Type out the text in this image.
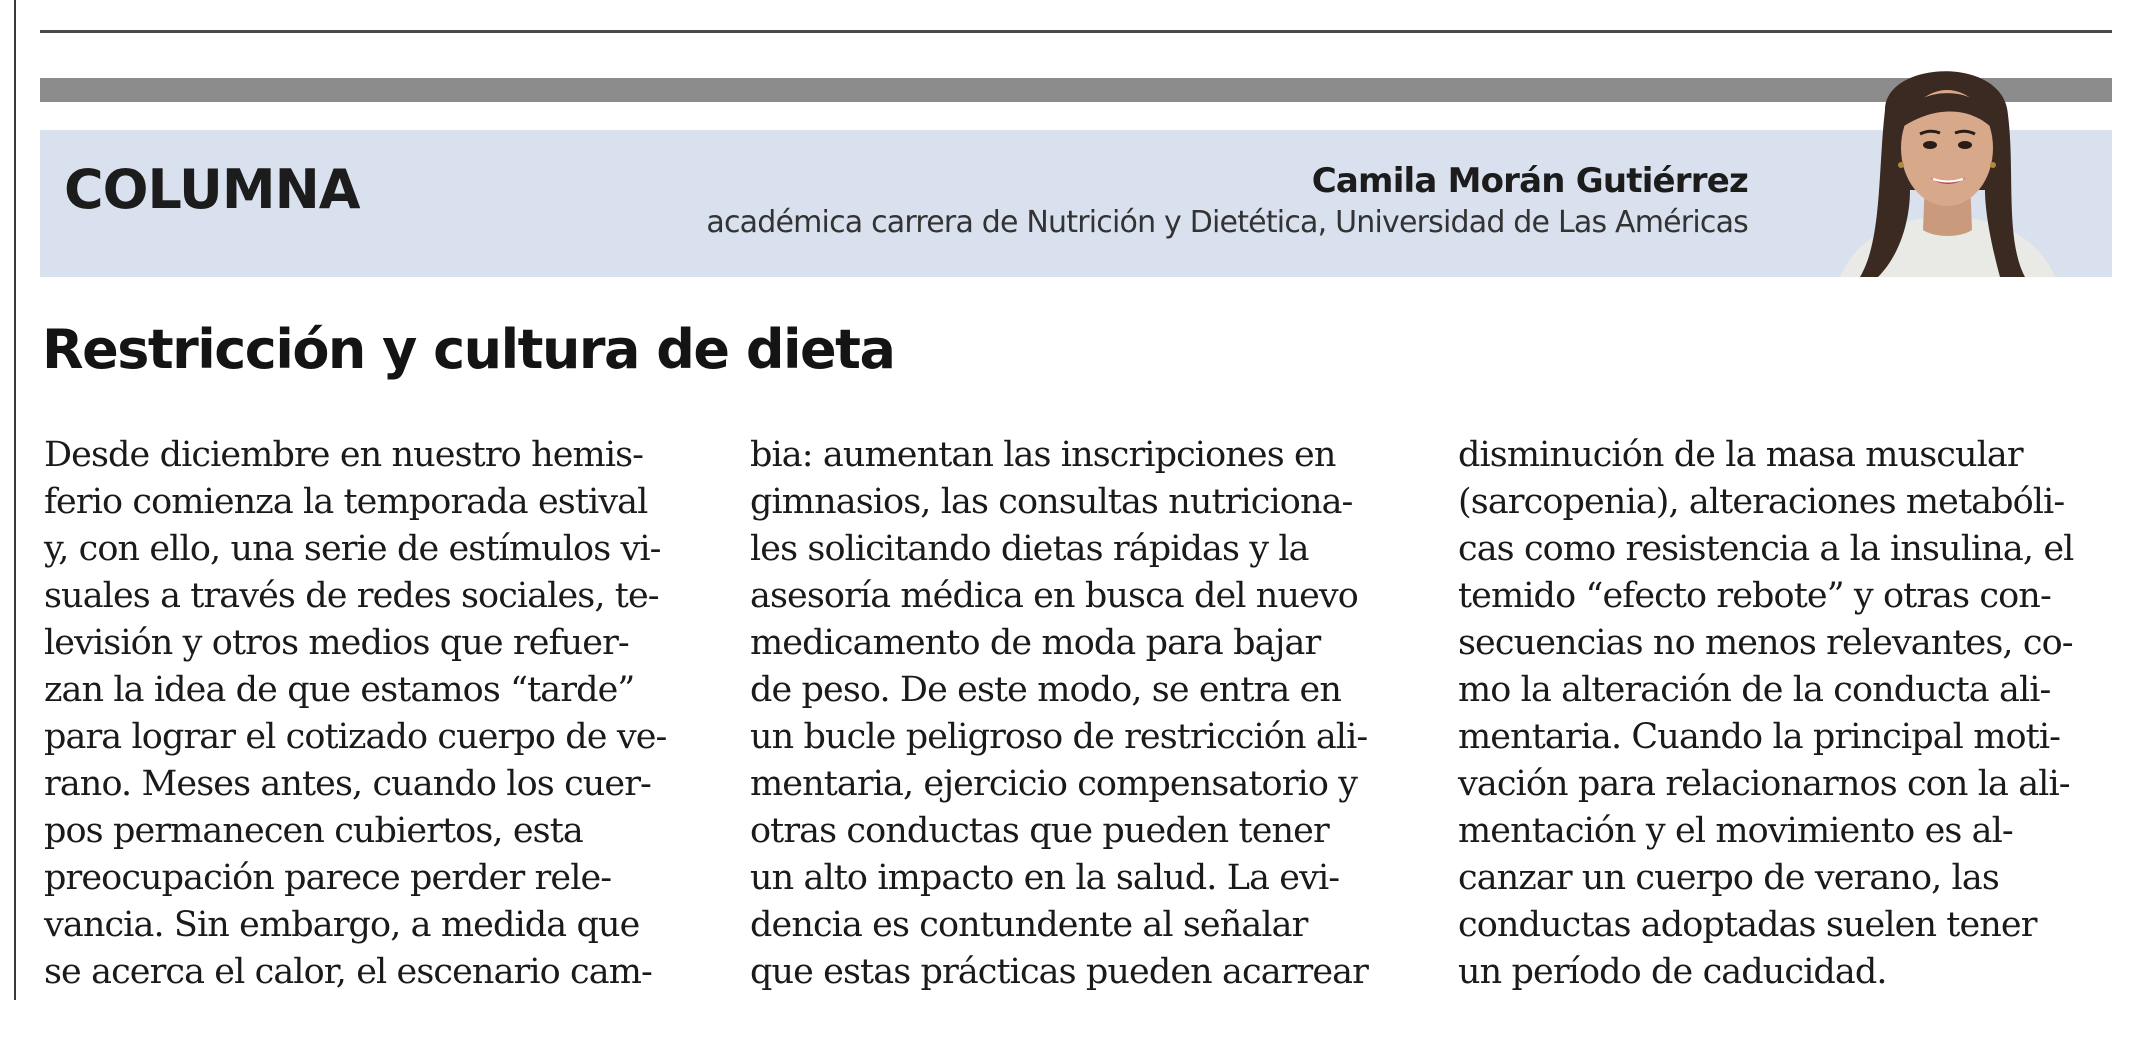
COLUMNA	Camila Morán Gutiérrez
académica carrera de Nutrición y Dietética, Universidad de Las Américas
Restricción y cultura de dieta
Desde diciembre en nuestro hemis-
ferio comienza la temporada estival
y, con ello, una serie de estímulos vi-
suales a través de redes sociales, te-
levisión y otros medios que refuer-
zan la idea de que estamos “tarde”
para lograr el cotizado cuerpo de ve-
rano. Meses antes, cuando los cuer-
pos permanecen cubiertos, esta
preocupación parece perder rele-
vancia. Sin embargo, a medida que
se acerca el calor, el escenario cam-
bia: aumentan las inscripciones en
gimnasios, las consultas nutriciona-
les solicitando dietas rápidas y la
asesoría médica en busca del nuevo
medicamento de moda para bajar
de peso. De este modo, se entra en
un bucle peligroso de restricción ali-
mentaria, ejercicio compensatorio y
otras conductas que pueden tener
un alto impacto en la salud. La evi-
dencia es contundente al señalar
que estas prácticas pueden acarrear
disminución de la masa muscular
(sarcopenia), alteraciones metabóli-
cas como resistencia a la insulina, el
temido “efecto rebote” y otras con-
secuencias no menos relevantes, co-
mo la alteración de la conducta ali-
mentaria. Cuando la principal moti-
vación para relacionarnos con la ali-
mentación y el movimiento es al-
canzar un cuerpo de verano, las
conductas adoptadas suelen tener
un período de caducidad.
